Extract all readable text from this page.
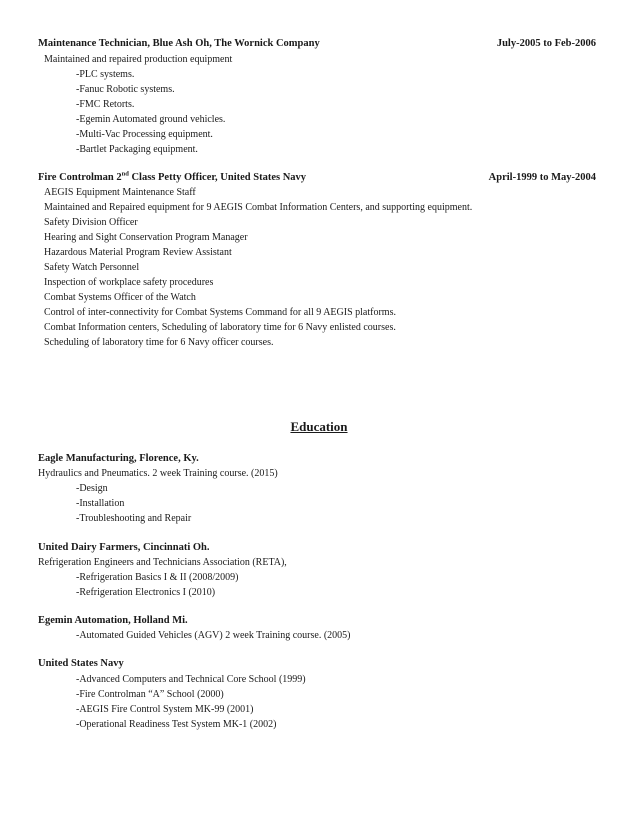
Maintenance Technician, Blue Ash Oh, The Wornick Company	July-2005 to Feb-2006
Maintained and repaired production equipment
-PLC systems.
-Fanuc Robotic systems.
-FMC Retorts.
-Egemin Automated ground vehicles.
-Multi-Vac Processing equipment.
-Bartlet Packaging equipment.
Fire Controlman 2nd Class Petty Officer, United States Navy	April-1999 to May-2004
AEGIS Equipment Maintenance Staff
Maintained and Repaired equipment for 9 AEGIS Combat Information Centers, and supporting equipment.
Safety Division Officer
Hearing and Sight Conservation Program Manager
Hazardous Material Program Review Assistant
Safety Watch Personnel
Inspection of workplace safety procedures
Combat Systems Officer of the Watch
Control of inter-connectivity for Combat Systems Command for all 9 AEGIS platforms.
Combat Information centers, Scheduling of laboratory time for 6 Navy enlisted courses.
Scheduling of laboratory time for 6 Navy officer courses.
Education
Eagle Manufacturing, Florence, Ky.
Hydraulics and Pneumatics. 2 week Training course. (2015)
-Design
-Installation
-Troubleshooting and Repair
United Dairy Farmers, Cincinnati Oh.
Refrigeration Engineers and Technicians Association (RETA),
-Refrigeration Basics I & II (2008/2009)
-Refrigeration Electronics I (2010)
Egemin Automation, Holland Mi.
-Automated Guided Vehicles (AGV) 2 week Training course. (2005)
United States Navy
-Advanced Computers and Technical Core School (1999)
-Fire Controlman “A” School (2000)
-AEGIS Fire Control System MK-99 (2001)
-Operational Readiness Test System MK-1 (2002)
